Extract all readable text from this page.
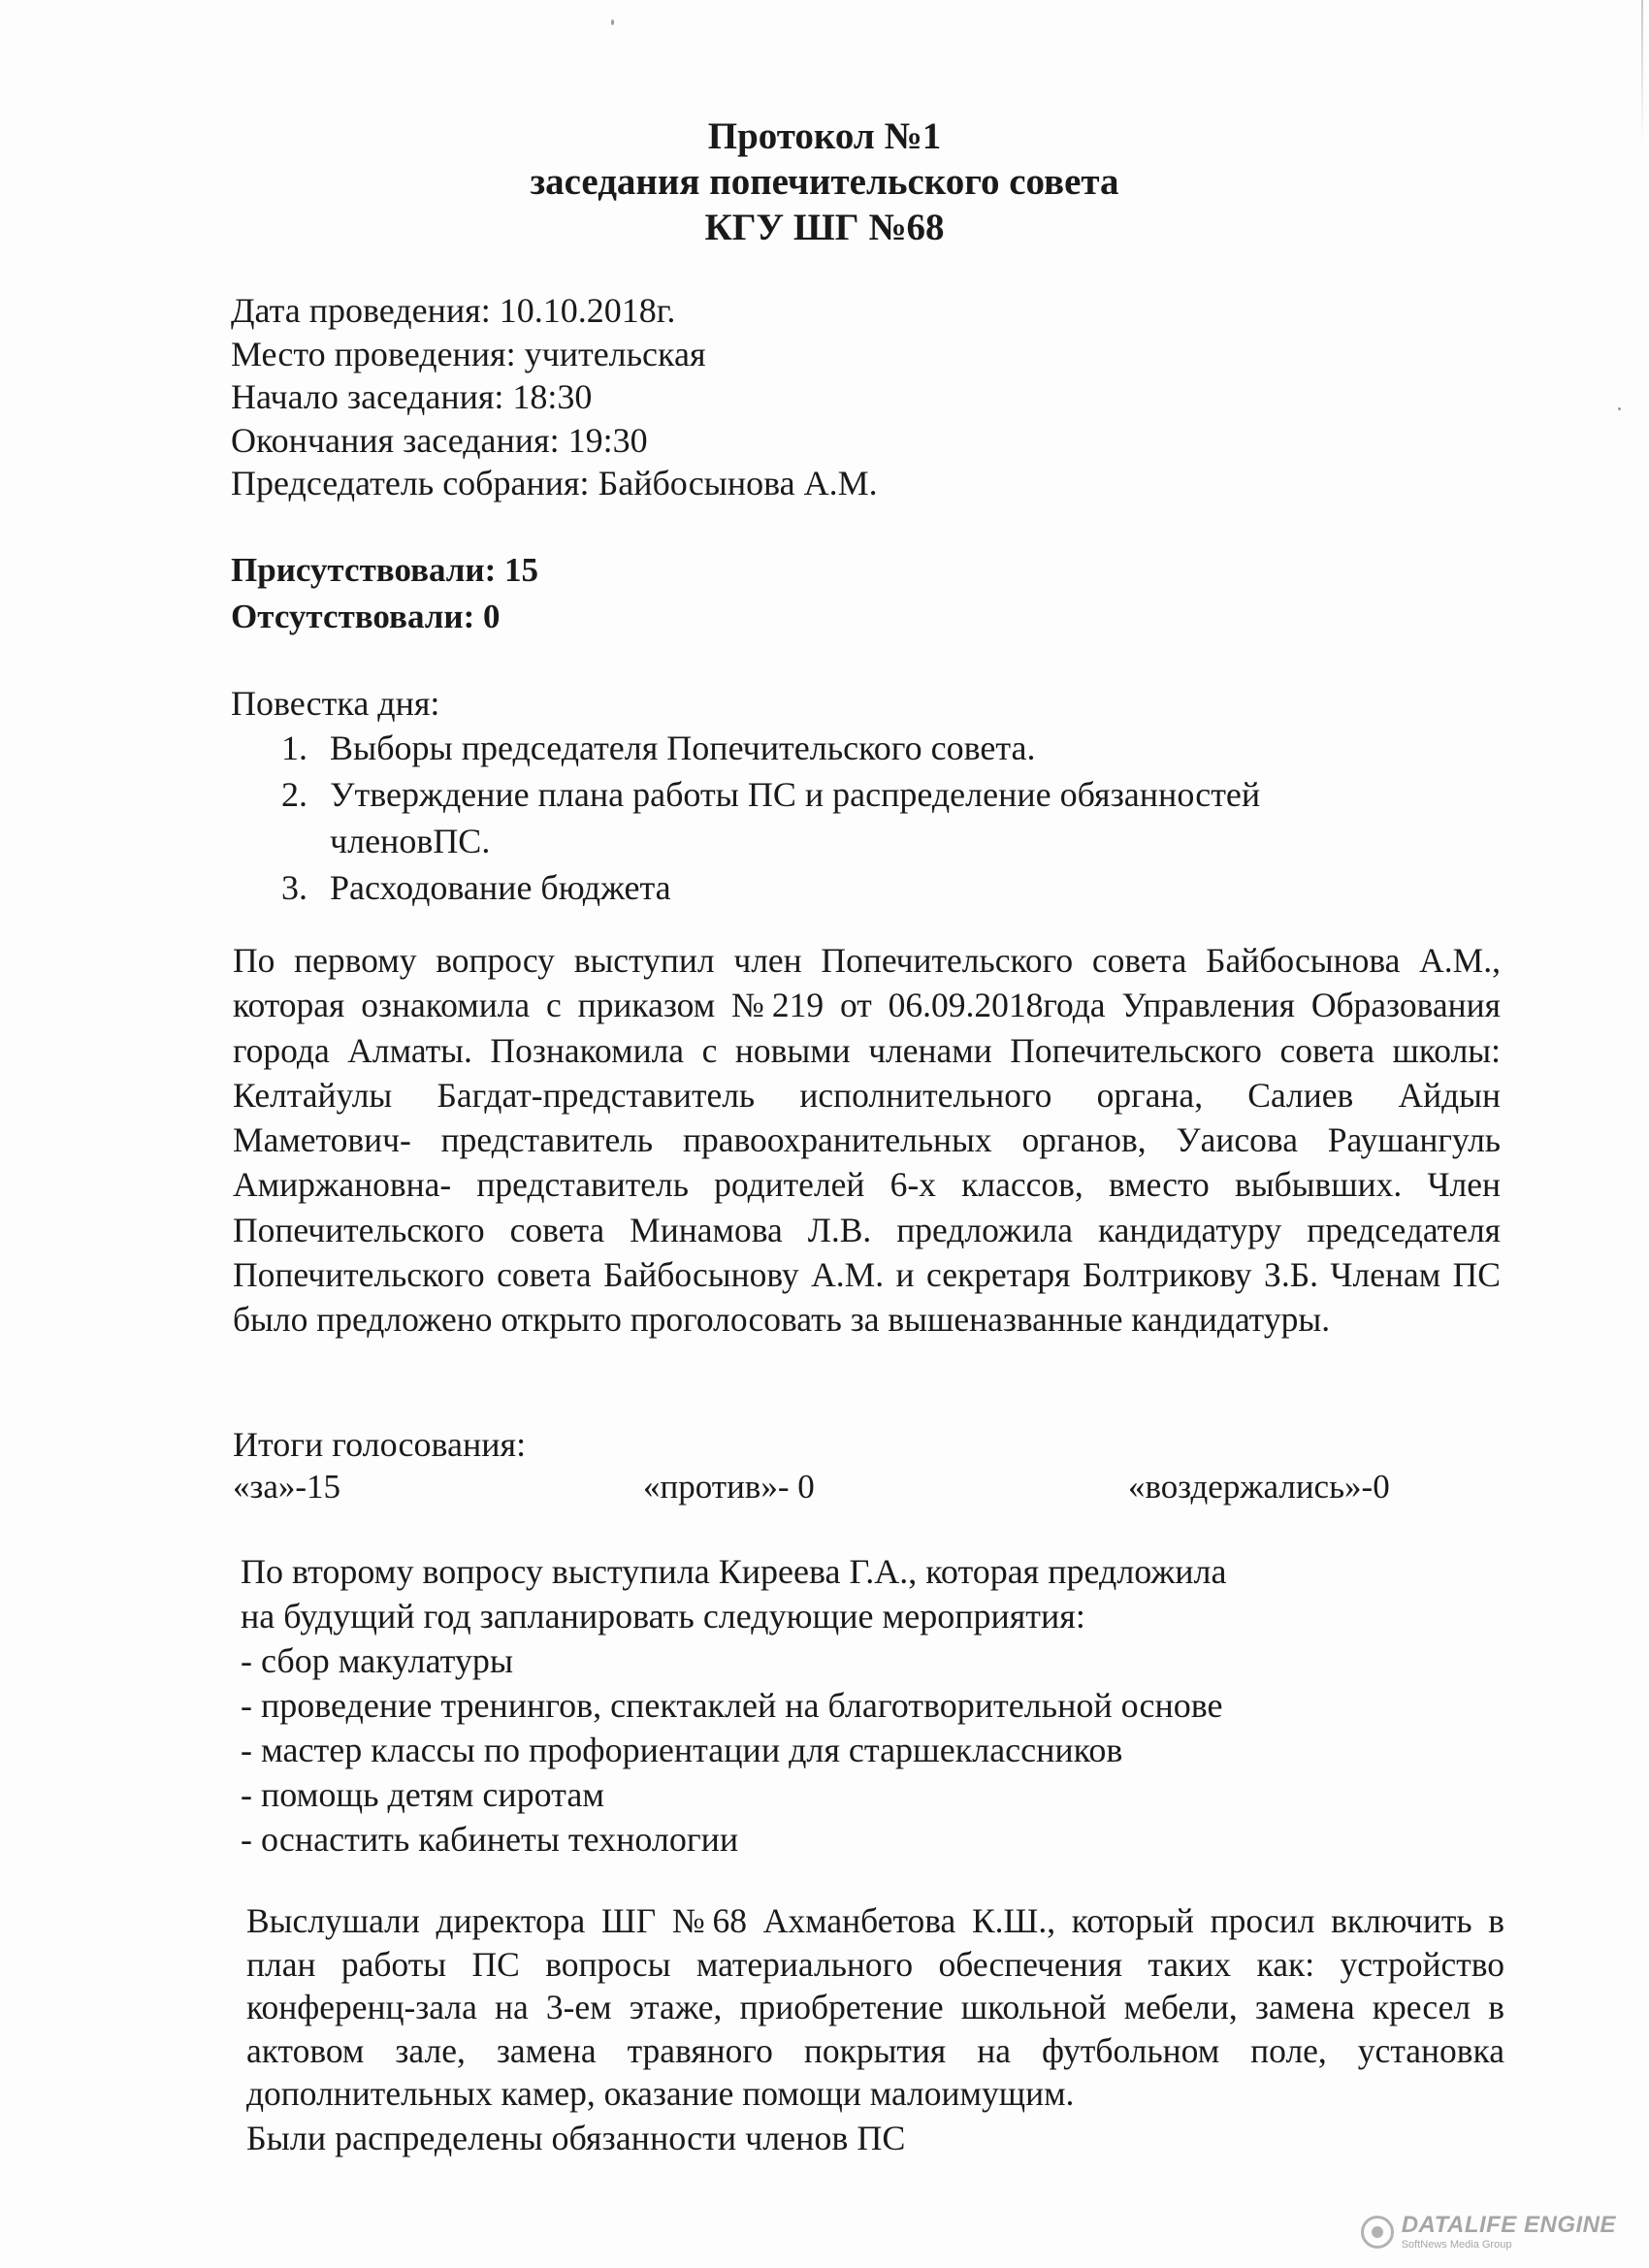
Протокол №1
заседания попечительского совета
КГУ ШГ №68
Дата проведения: 10.10.2018г.
Место проведения: учительская
Начало заседания: 18:30
Окончания заседания: 19:30
Председатель собрания: Байбосынова А.М.
Присутствовали: 15
Отсутствовали: 0
Повестка дня:
1. Выборы председателя Попечительского совета.
2. Утверждение плана работы ПС и распределение обязанностей
членовПС.
3. Расходование бюджета
По первому вопросу выступил член Попечительского совета Байбосынова А.М., которая ознакомила с приказом №219 от 06.09.2018года Управления Образования города Алматы. Познакомила с новыми членами Попечительского совета школы: Келтайулы Багдат-представитель исполнительного органа, Салиев Айдын Маметович- представитель правоохранительных органов, Уаисова Раушангуль Амиржановна- представитель родителей 6-х классов, вместо выбывших. Член Попечительского совета Минамова Л.В. предложила кандидатуру председателя Попечительского совета Байбосынову А.М. и секретаря Болтрикову З.Б. Членам ПС было предложено открыто проголосовать за вышеназванные кандидатуры.
Итоги голосования:
«за»-15	«против»- 0	«воздержались»-0
По второму вопросу выступила Киреева Г.А., которая предложила
на будущий год запланировать следующие мероприятия:
- сбор макулатуры
- проведение тренингов, спектаклей на благотворительной основе
- мастер классы по профориентации для старшеклассников
- помощь детям сиротам
- оснастить кабинеты технологии
Выслушали директора ШГ №68 Ахманбетова К.Ш., который просил включить в план работы ПС вопросы материального обеспечения таких как: устройство конференц-зала на 3-ем этаже, приобретение школьной мебели, замена кресел в актовом зале, замена травяного покрытия на футбольном поле, установка дополнительных камер, оказание помощи малоимущим.
Были распределены обязанности членов ПС
DATALIFE ENGINE
SoftNews Media Group
